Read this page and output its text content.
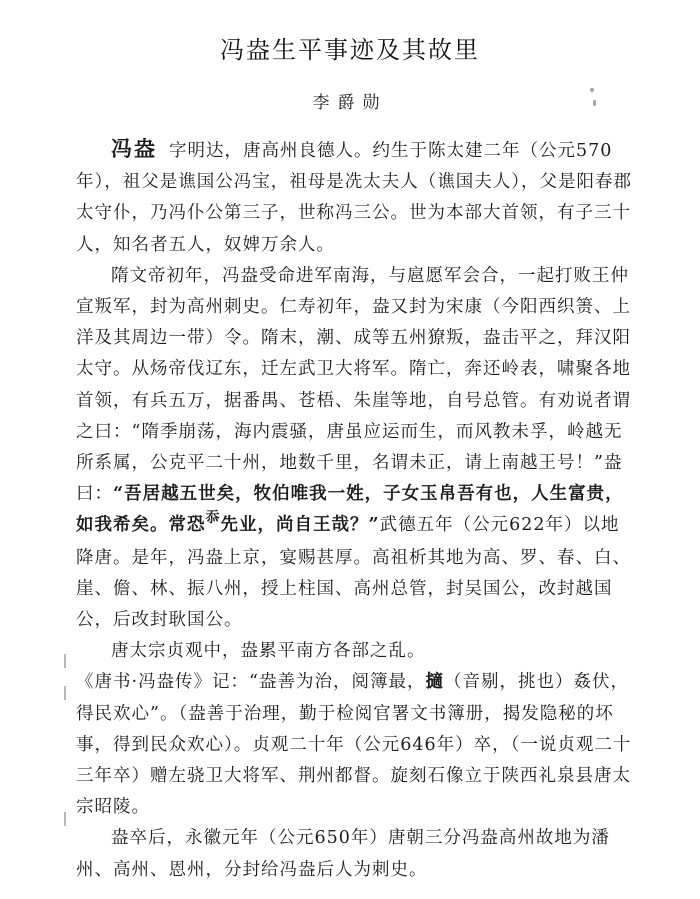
冯盎生平事迹及其故里
李爵勋

冯盎 字明达，唐高州良德人。约生于陈太建二年（公元570年），祖父是谯国公冯宝，祖母是冼太夫人（谯国夫人），父是阳春郡太守仆，乃冯仆公第三子，世称冯三公。世为本部大首领，有子三十人，知名者五人，奴婢万余人。

隋文帝初年，冯盎受命进军南海，与扈愿军会合，一起打败王仲宣叛军，封为高州刺史。仁寿初年，盎又封为宋康（今阳西织箦、上洋及其周边一带）令。隋末，潮、成等五州獠叛，盎击平之，拜汉阳太守。从炀帝伐辽东，迁左武卫大将军。隋亡，奔还岭表，啸聚各地首领，有兵五万，据番禺、苍梧、朱崖等地，自号总管。有劝说者谓之曰：“隋季崩荡，海内震骚，唐虽应运而生，而风教未孚，岭越无所系属，公克平二十州，地数千里，名谓未正，请上南越王号！”盎曰：“吾居越五世矣，牧伯唯我一姓，子女玉帛吾有也，人生富贵，如我希矣。常恐$^忝$先业，尚自王哉？”武德五年（公元622年）以地降唐。是年，冯盎上京，宴赐甚厚。高祖析其地为高、罗、春、白、崖、儋、林、振八州，授上柱国、高州总管，封吴国公，改封越国公，后改封耿国公。

唐太宗贞观中，盎累平南方各部之乱。

《唐书·冯盎传》记：“盎善为治，阅簿最，擿（音剔，挑也）姦伏，得民欢心”。（盎善于治理，勤于检阅官署文书簿册，揭发隐秘的坏事，得到民众欢心）。贞观二十年（公元646年）卒，（一说贞观二十三年卒）赠左骁卫大将军、荆州都督。旋刻石像立于陕西礼泉县唐太宗昭陵。

盎卒后，永徽元年（公元650年）唐朝三分冯盎高州故地为潘州、高州、恩州，分封给冯盎后人为刺史。
